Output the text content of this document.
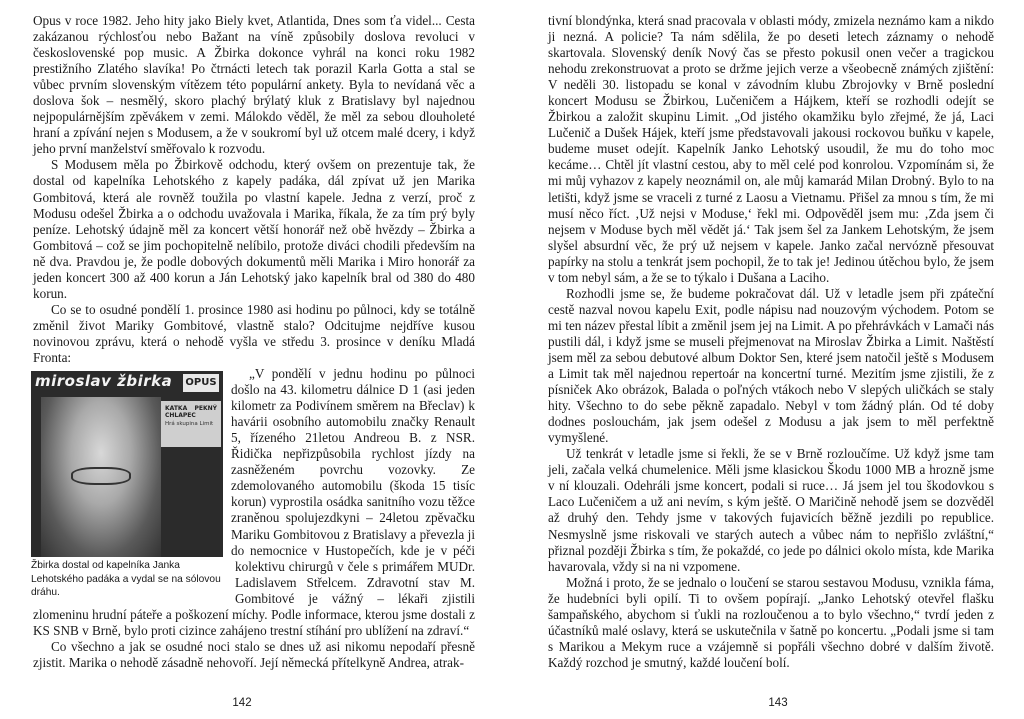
Opus v roce 1982. Jeho hity jako Biely kvet, Atlantida, Dnes som ťa videl... Cesta zakázanou rýchlosťou nebo Bažant na víně způsobily doslova revoluci v československé pop music. A Žbirka dokonce vyhrál na konci roku 1982 prestižního Zlatého slavíka! Po čtrnácti letech tak porazil Karla Gotta a stal se vůbec prvním slovenským vítězem této populární ankety. Byla to nevídaná věc a doslova šok – nesmělý, skoro plachý brýlatý kluk z Bratislavy byl najednou nejpopulárnějším zpěvákem v zemi. Málokdo věděl, že měl za sebou dlouholeté hraní a zpívání nejen s Modusem, a že v soukromí byl už otcem malé dcery, i když jeho první manželství směřovalo k rozvodu.

S Modusem měla po Žbirkově odchodu, který ovšem on prezentuje tak, že dostal od kapelníka Lehotského z kapely padáka, dál zpívat už jen Marika Gombitová, která ale rovněž toužila po vlastní kapele. Jedna z verzí, proč z Modusu odešel Žbirka a o odchodu uvažovala i Marika, říkala, že za tím prý byly peníze. Lehotský údajně měl za koncert větší honorář než obě hvězdy – Žbirka a Gombitová – což se jim pochopitelně nelíbilo, protože diváci chodili především na ně dva. Pravdou je, že podle dobových dokumentů měli Marika i Miro honorář za jeden koncert 300 až 400 korun a Ján Lehotský jako kapelník bral od 380 do 480 korun.

Co se to osudné pondělí 1. prosince 1980 asi hodinu po půlnoci, kdy se totálně změnil život Mariky Gombitové, vlastně stalo? Odcitujme nejdříve kusou novinovou zprávu, která o nehodě vyšla ve středu 3. prosince v deníku Mladá Fronta:

miroslav žbirka OPUS
KATKA PEKNÝ CHLAPEC
Hrá skupina Limit
Žbirka dostal od kapelníka Janka Lehotského padáka a vydal se na sólovou dráhu.

„V pondělí v jednu hodinu po půlnoci došlo na 43. kilometru dálnice D 1 (asi jeden kilometr za Podivínem směrem na Břeclav) k havárii osobního automobilu značky Renault 5, řízeného 21letou Andreou B. z NSR. Řidička nepřizpůsobila rychlost jízdy na zasněženém povrchu vozovky. Ze zdemolovaného automobilu (škoda 15 tisíc korun) vyprostila osádka sanitního vozu těžce zraněnou spolujezdkyni – 24letou zpěvačku Mariku Gombitovou z Bratislavy a převezla ji do nemocnice v Hustopečích, kde je v péči kolektivu chirurgů v čele s primářem MUDr. Ladislavem Střelcem. Zdravotní stav M. Gombitové je vážný – lékaři zjistili zlomeninu hrudní páteře a poškození míchy. Podle informace, kterou jsme dostali z KS SNB v Brně, bylo proti cizince zahájeno trestní stíhání pro ublížení na zdraví.“

Co všechno a jak se osudné noci stalo se dnes už asi nikomu nepodaří přesně zjistit. Marika o nehodě zásadně nehovoří. Její německá přítelkyně Andrea, atrak-

142

tivní blondýnka, která snad pracovala v oblasti módy, zmizela neznámo kam a nikdo ji nezná. A policie? Ta nám sdělila, že po deseti letech záznamy o nehodě skartovala. Slovenský deník Nový čas se přesto pokusil onen večer a tragickou nehodu zrekonstruovat a proto se držme jejich verze a všeobecně známých zjištění: V neděli 30. listopadu se konal v závodním klubu Zbrojovky v Brně poslední koncert Modusu se Žbirkou, Lučeničem a Hájkem, kteří se rozhodli odejít se Žbirkou a založit skupinu Limit. „Od jistého okamžiku bylo zřejmé, že já, Laci Lučenič a Dušek Hájek, kteří jsme představovali jakousi rockovou buňku v kapele, budeme muset odejít. Kapelník Janko Lehotský usoudil, že mu do toho moc kecáme… Chtěl jít vlastní cestou, aby to měl celé pod konrolou. Vzpomínám si, že mi můj vyhazov z kapely neoznámil on, ale můj kamarád Milan Drobný. Bylo to na letišti, když jsme se vraceli z turné z Laosu a Vietnamu. Přišel za mnou s tím, že mi musí něco říct. ‚Už nejsi v Moduse,‘ řekl mi. Odpověděl jsem mu: ‚Zda jsem či nejsem v Moduse bych měl vědět já.‘ Tak jsem šel za Jankem Lehotským, že jsem slyšel absurdní věc, že prý už nejsem v kapele. Janko začal nervózně přesouvat papírky na stolu a tenkrát jsem pochopil, že to tak je! Jedinou útěchou bylo, že jsem v tom nebyl sám, a že se to týkalo i Dušana a Laciho.

Rozhodli jsme se, že budeme pokračovat dál. Už v letadle jsem při zpáteční cestě nazval novou kapelu Exit, podle nápisu nad nouzovým východem. Potom se mi ten název přestal líbit a změnil jsem jej na Limit. A po přehrávkách v Lamači nás pustili dál, i když jsme se museli přejmenovat na Miroslav Žbirka a Limit. Naštěstí jsem měl za sebou debutové album Doktor Sen, které jsem natočil ještě s Modusem a Limit tak měl najednou repertoár na koncertní turné. Mezitím jsme zjistili, že z písniček Ako obrázok, Balada o poľných vtákoch nebo V slepých uličkách se staly hity. Všechno to do sebe pěkně zapadalo. Nebyl v tom žádný plán. Od té doby dodnes poslouchám, jak jsem odešel z Modusu a jak jsem to měl perfektně vymyšlené.

Už tenkrát v letadle jsme si řekli, že se v Brně rozloučíme. Už když jsme tam jeli, začala velká chumelenice. Měli jsme klasickou Škodu 1000 MB a hrozně jsme v ní klouzali. Odehráli jsme koncert, podali si ruce… Já jsem jel tou škodovkou s Laco Lučeničem a už ani nevím, s kým ještě. O Maričině nehodě jsem se dozvěděl až druhý den. Tehdy jsme v takových fujavicích běžně jezdili po republice. Nesmyslně jsme riskovali ve starých autech a vůbec nám to nepřišlo zvláštní,“ přiznal později Žbirka s tím, že pokaždé, co jede po dálnici okolo místa, kde Marika havarovala, vždy si na ni vzpomene.

Možná i proto, že se jednalo o loučení se starou sestavou Modusu, vznikla fáma, že hudebníci byli opilí. Ti to ovšem popírají. „Janko Lehotský otevřel flašku šampaňského, abychom si ťukli na rozloučenou a to bylo všechno,“ tvrdí jeden z účastníků malé oslavy, která se uskutečnila v šatně po koncertu. „Podali jsme si tam s Marikou a Mekym ruce a vzájemně si popřáli všechno dobré v dalším životě. Každý rozchod je smutný, každé loučení bolí.

143
